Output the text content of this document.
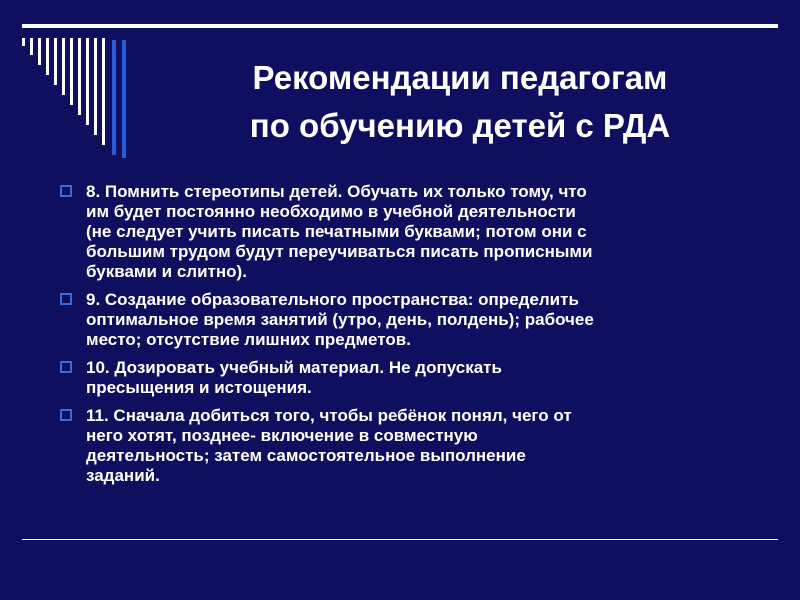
Рекомендации педагогам
по обучению детей с РДА
8. Помнить стереотипы детей. Обучать их только тому, что
им будет постоянно необходимо в учебной деятельности
(не следует учить писать печатными буквами; потом они с
большим трудом будут переучиваться писать прописными
буквами и слитно).
9. Создание образовательного пространства: определить
оптимальное время занятий (утро, день, полдень); рабочее
место; отсутствие лишних предметов.
10. Дозировать учебный материал. Не допускать
пресыщения и истощения.
11. Сначала добиться того, чтобы ребёнок понял, чего от
него хотят, позднее- включение в совместную
деятельность; затем самостоятельное выполнение
заданий.
